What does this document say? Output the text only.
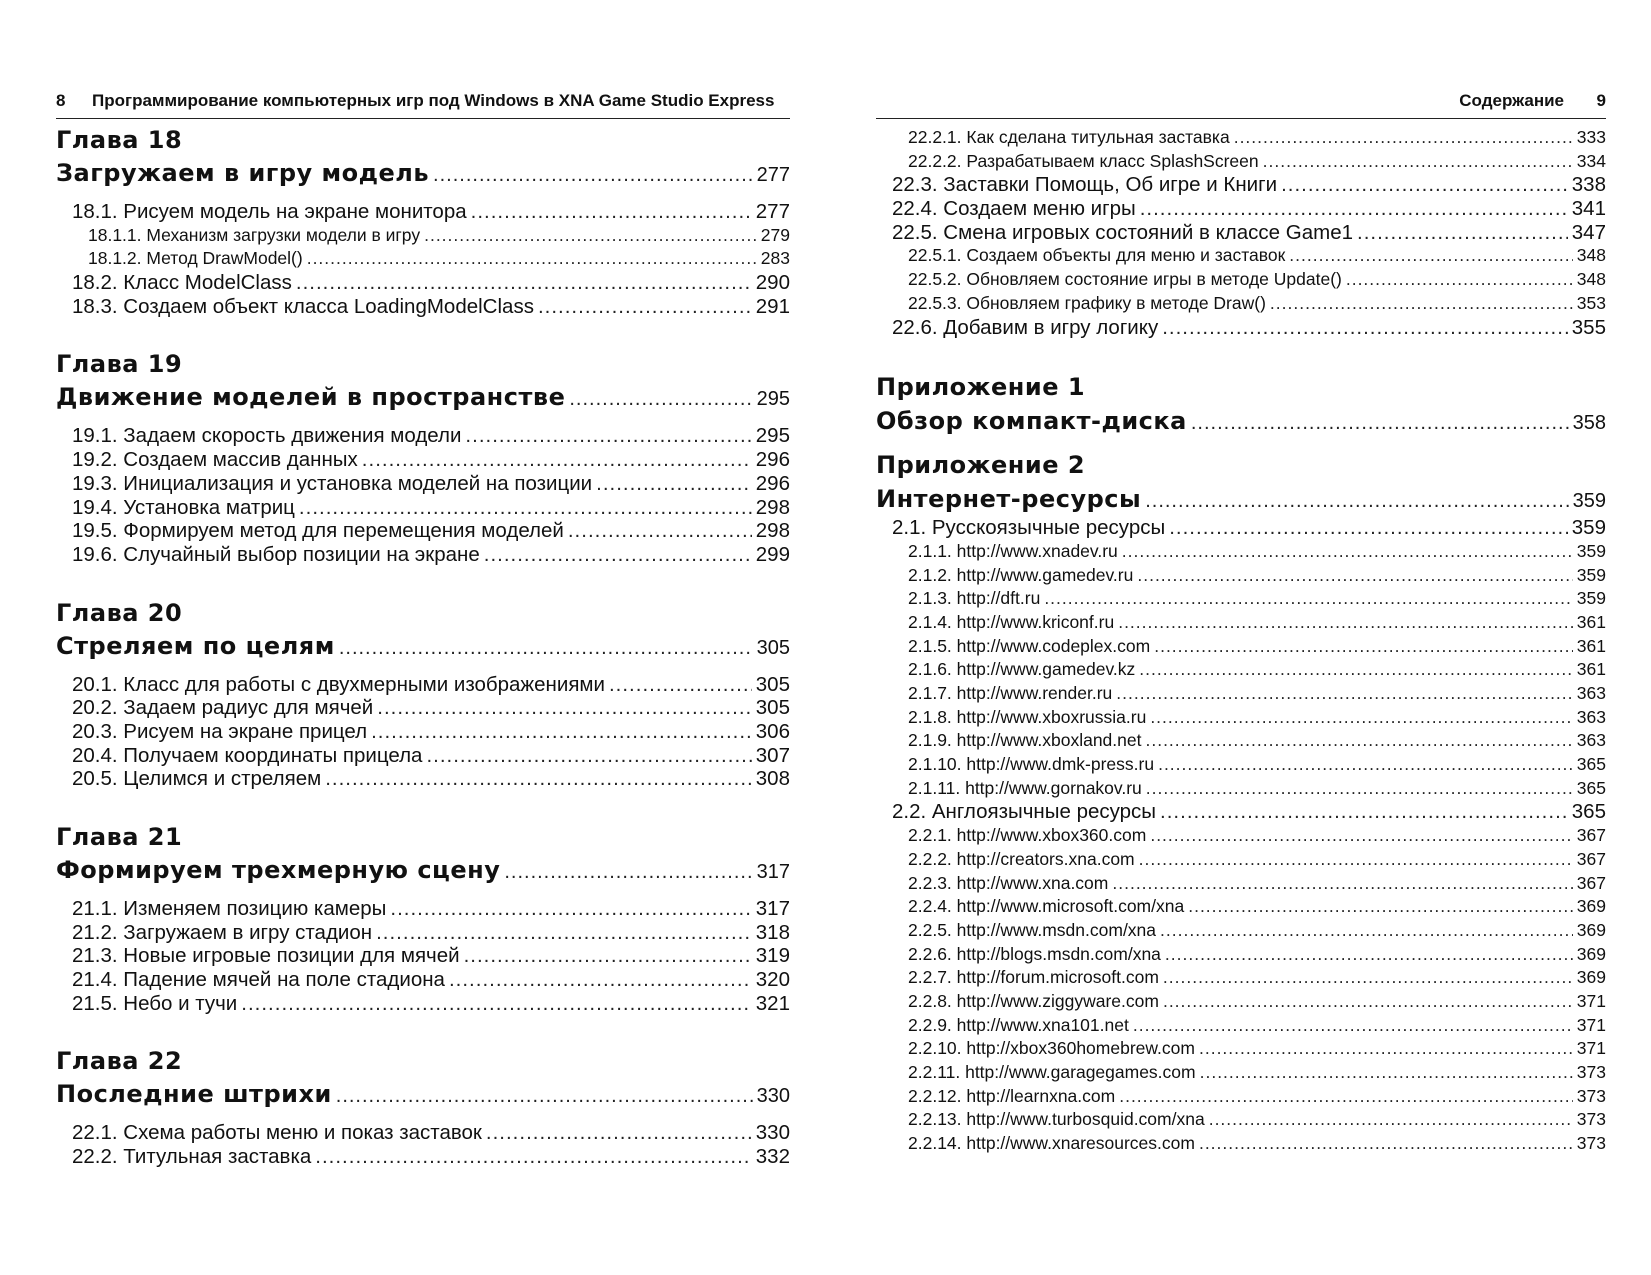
8 Программирование компьютерных игр под Windows в XNA Game Studio Express
Глава 18
Загружаем в игру модель .....	277
18.1. Рисуем модель на экране монитора .....	277
18.1.1. Механизм загрузки модели в игру .....	279
18.1.2. Метод DrawModel() .....	283
18.2. Класс ModelClass .....	290
18.3. Создаем объект класса LoadingModelClass .....	291
Глава 19
Движение моделей в пространстве .....	295
19.1. Задаем скорость движения модели .....	295
19.2. Создаем массив данных .....	296
19.3. Инициализация и установка моделей на позиции .....	296
19.4. Установка матриц .....	298
19.5. Формируем метод для перемещения моделей .....	298
19.6. Случайный выбор позиции на экране .....	299
Глава 20
Стреляем по целям .....	305
20.1. Класс для работы с двухмерными изображениями .....	305
20.2. Задаем радиус для мячей .....	305
20.3. Рисуем на экране прицел .....	306
20.4. Получаем координаты прицела .....	307
20.5. Целимся и стреляем .....	308
Глава 21
Формируем трехмерную сцену .....	317
21.1. Изменяем позицию камеры .....	317
21.2. Загружаем в игру стадион .....	318
21.3. Новые игровые позиции для мячей .....	319
21.4. Падение мячей на поле стадиона .....	320
21.5. Небо и тучи .....	321
Глава 22
Последние штрихи .....	330
22.1. Схема работы меню и показ заставок .....	330
22.2. Титульная заставка .....	332
Содержание 9
22.2.1. Как сделана титульная заставка .....	333
22.2.2. Разрабатываем класс SplashScreen .....	334
22.3. Заставки Помощь, Об игре и Книги .....	338
22.4. Создаем меню игры .....	341
22.5. Смена игровых состояний в классе Game1 .....	347
22.5.1. Создаем объекты для меню и заставок .....	348
22.5.2. Обновляем состояние игры в методе Update() .....	348
22.5.3. Обновляем графику в методе Draw() .....	353
22.6. Добавим в игру логику .....	355
Приложение 1
Обзор компакт-диска .....	358
Приложение 2
Интернет-ресурсы .....	359
2.1. Русскоязычные ресурсы .....	359
2.1.1. http://www.xnadev.ru .....	359
2.1.2. http://www.gamedev.ru .....	359
2.1.3. http://dft.ru .....	359
2.1.4. http://www.kriconf.ru .....	361
2.1.5. http://www.codeplex.com .....	361
2.1.6. http://www.gamedev.kz .....	361
2.1.7. http://www.render.ru .....	363
2.1.8. http://www.xboxrussia.ru .....	363
2.1.9. http://www.xboxland.net .....	363
2.1.10. http://www.dmk-press.ru .....	365
2.1.11. http://www.gornakov.ru .....	365
2.2. Англоязычные ресурсы .....	365
2.2.1. http://www.xbox360.com .....	367
2.2.2. http://creators.xna.com .....	367
2.2.3. http://www.xna.com .....	367
2.2.4. http://www.microsoft.com/xna .....	369
2.2.5. http://www.msdn.com/xna .....	369
2.2.6. http://blogs.msdn.com/xna .....	369
2.2.7. http://forum.microsoft.com .....	369
2.2.8. http://www.ziggyware.com .....	371
2.2.9. http://www.xna101.net .....	371
2.2.10. http://xbox360homebrew.com .....	371
2.2.11. http://www.garagegames.com .....	373
2.2.12. http://learnxna.com .....	373
2.2.13. http://www.turbosquid.com/xna .....	373
2.2.14. http://www.xnaresources.com .....	373
